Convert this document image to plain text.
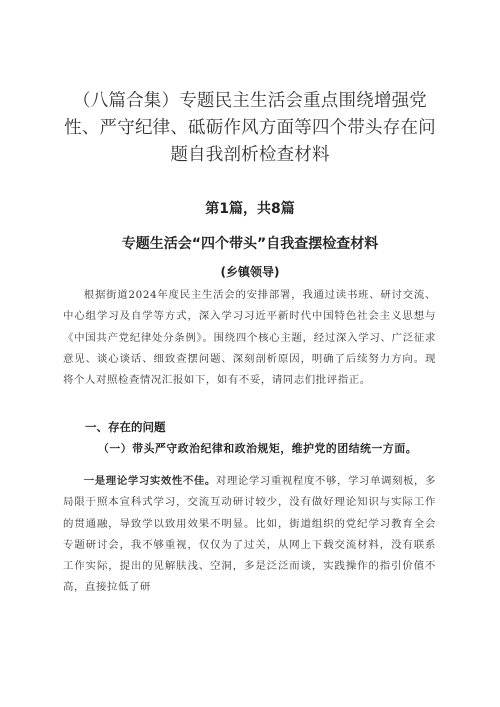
（八篇合集）专题民主生活会重点围绕增强党性、严守纪律、砥砺作风方面等四个带头存在问题自我剖析检查材料
第1篇，共8篇
专题生活会“四个带头”自我查摆检查材料
(乡镇领导)
根据街道2024年度民主生活会的安排部署，我通过读书班、研讨交流、中心组学习及自学等方式，深入学习习近平新时代中国特色社会主义思想与《中国共产党纪律处分条例》。围绕四个核心主题，经过深入学习、广泛征求意见、谈心谈话、细致查摆问题、深刻剖析原因，明确了后续努力方向。现将个人对照检查情况汇报如下，如有不妥，请同志们批评指正。
一、存在的问题
（一）带头严守政治纪律和政治规矩，维护党的团结统一方面。
一是理论学习实效性不佳。对理论学习重视程度不够，学习单调刻板，多局限于照本宣科式学习，交流互动研讨较少，没有做好理论知识与实际工作的贯通融，导致学以致用效果不明显。比如，街道组织的党纪学习教育全会专题研讨会，我不够重视，仅仅为了过关，从网上下载交流材料，没有联系工作实际，提出的见解肤浅、空洞，多是泛泛而谈，实践操作的指引价值不高，直接拉低了研
